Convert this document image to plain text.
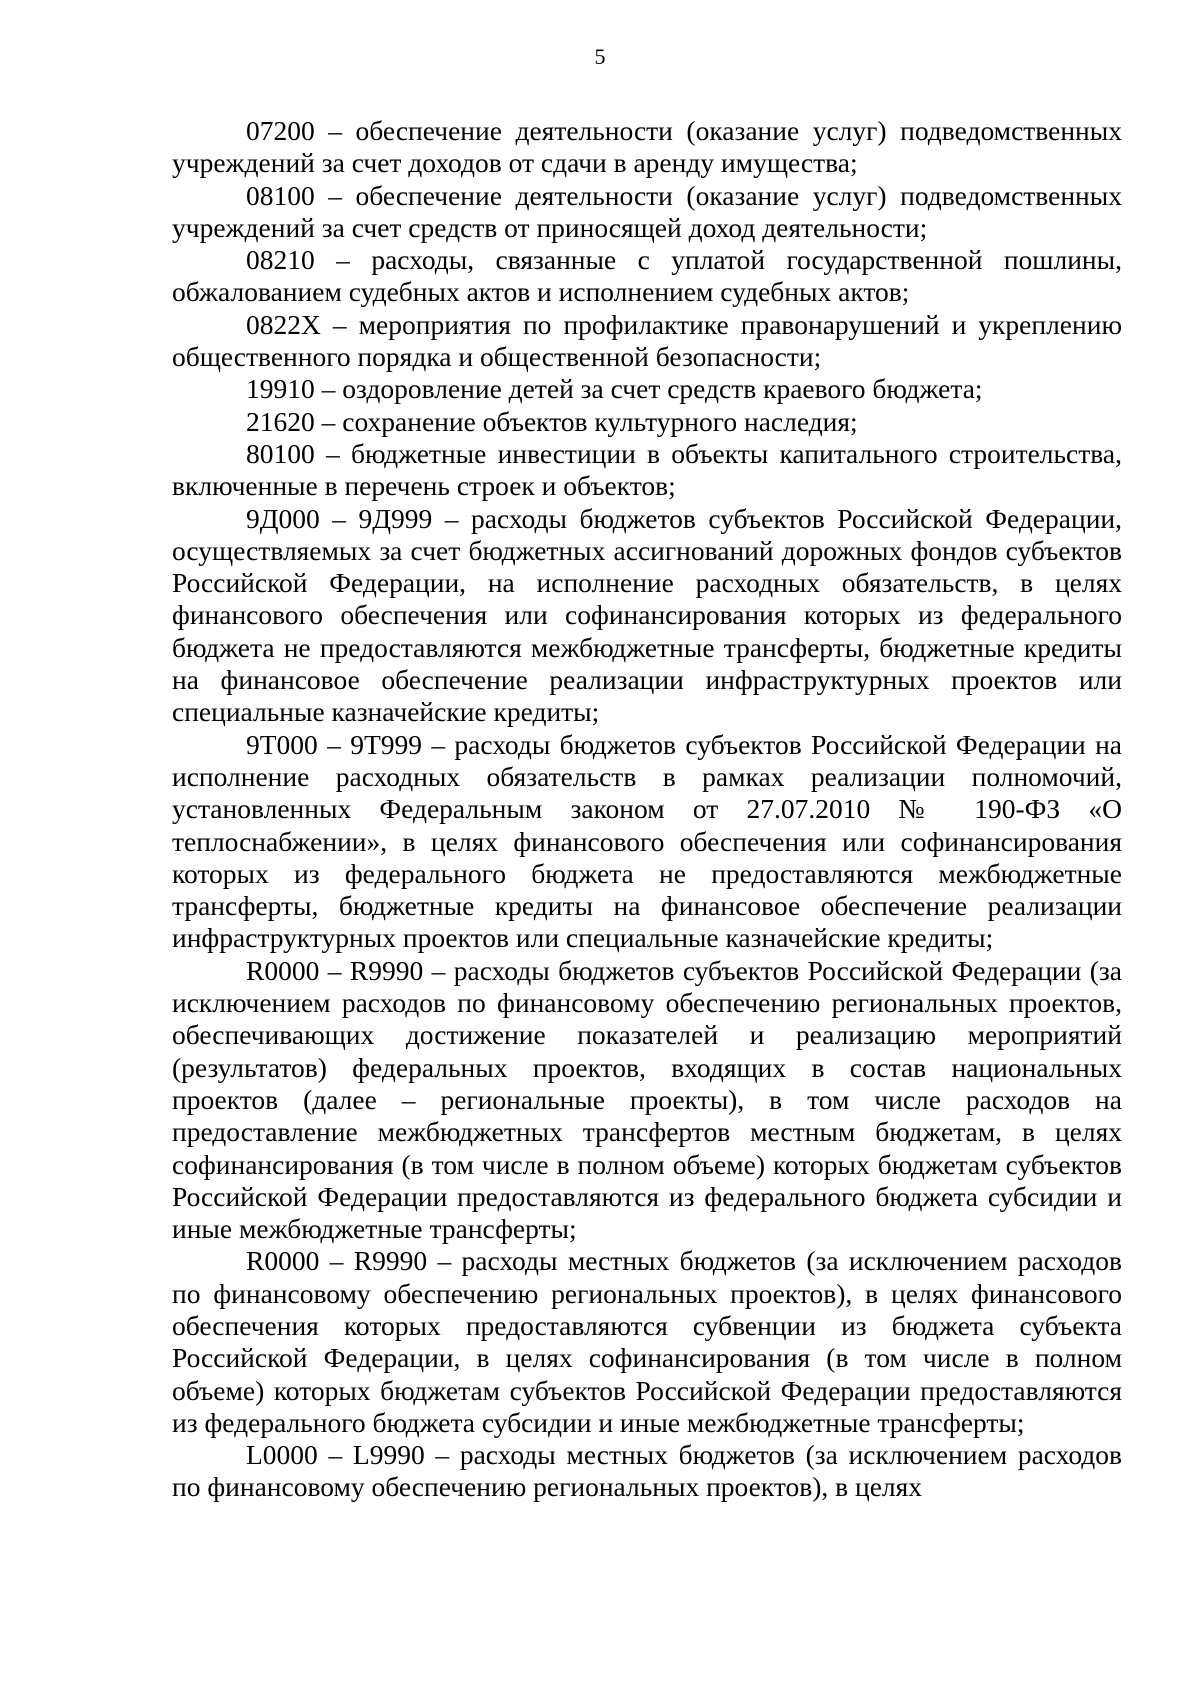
5

07200 – обеспечение деятельности (оказание услуг) подведомственных учреждений за счет доходов от сдачи в аренду имущества;

08100 – обеспечение деятельности (оказание услуг) подведомственных учреждений за счет средств от приносящей доход деятельности;

08210 – расходы, связанные с уплатой государственной пошлины, обжалованием судебных актов и исполнением судебных актов;

0822Х – мероприятия по профилактике правонарушений и укреплению общественного порядка и общественной безопасности;

19910 – оздоровление детей за счет средств краевого бюджета;

21620 – сохранение объектов культурного наследия;

80100 – бюджетные инвестиции в объекты капитального строительства, включенные в перечень строек и объектов;

9Д000 – 9Д999 – расходы бюджетов субъектов Российской Федерации, осуществляемых за счет бюджетных ассигнований дорожных фондов субъектов Российской Федерации, на исполнение расходных обязательств, в целях финансового обеспечения или софинансирования которых из федерального бюджета не предоставляются межбюджетные трансферты, бюджетные кредиты на финансовое обеспечение реализации инфраструктурных проектов или специальные казначейские кредиты;

9Т000 – 9Т999 – расходы бюджетов субъектов Российской Федерации на исполнение расходных обязательств в рамках реализации полномочий, установленных Федеральным законом от 27.07.2010 № 190-ФЗ «О теплоснабжении», в целях финансового обеспечения или софинансирования которых из федерального бюджета не предоставляются межбюджетные трансферты, бюджетные кредиты на финансовое обеспечение реализации инфраструктурных проектов или специальные казначейские кредиты;

R0000 – R9990 – расходы бюджетов субъектов Российской Федерации (за исключением расходов по финансовому обеспечению региональных проектов, обеспечивающих достижение показателей и реализацию мероприятий (результатов) федеральных проектов, входящих в состав национальных проектов (далее – региональные проекты), в том числе расходов на предоставление межбюджетных трансфертов местным бюджетам, в целях софинансирования (в том числе в полном объеме) которых бюджетам субъектов Российской Федерации предоставляются из федерального бюджета субсидии и иные межбюджетные трансферты;

R0000 – R9990 – расходы местных бюджетов (за исключением расходов по финансовому обеспечению региональных проектов), в целях финансового обеспечения которых предоставляются субвенции из бюджета субъекта Российской Федерации, в целях софинансирования (в том числе в полном объеме) которых бюджетам субъектов Российской Федерации предоставляются из федерального бюджета субсидии и иные межбюджетные трансферты;

L0000 – L9990 – расходы местных бюджетов (за исключением расходов по финансовому обеспечению региональных проектов), в целях
